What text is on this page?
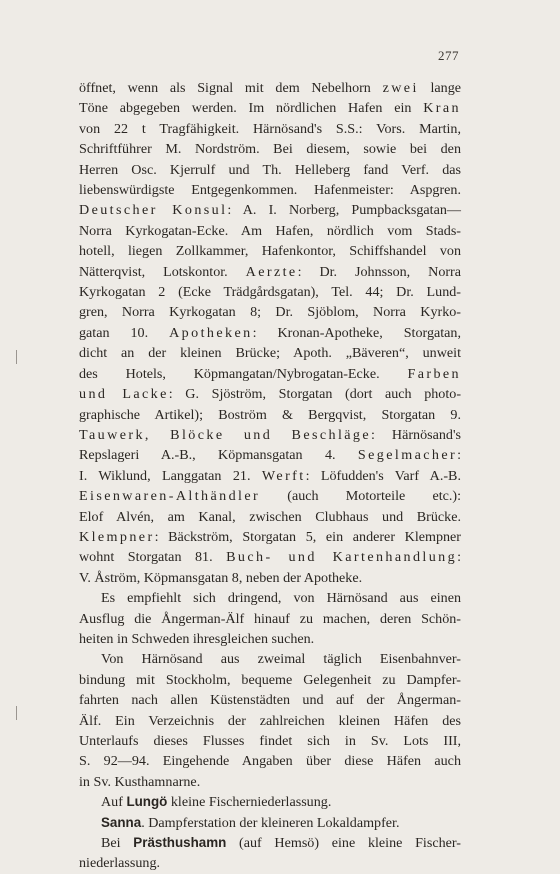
277
öffnet, wenn als Signal mit dem Nebelhorn zwei lange
Töne abgegeben werden. Im nördlichen Hafen ein Kran
von 22 t Tragfähigkeit. Härnösand's S.S.: Vors. Martin,
Schriftführer M. Nordström. Bei diesem, sowie bei den
Herren Osc. Kjerrulf und Th. Helleberg fand Verf. das
liebenswürdigste Entgegenkommen. Hafenmeister: Aspgren.
Deutscher Konsul: A. I. Norberg, Pumpbacksgatan—
Norra Kyrkogatan-Ecke. Am Hafen, nördlich vom Stads-
hotell, liegen Zollkammer, Hafenkontor, Schiffshandel von
Nätterqvist, Lotskontor. Aerzte: Dr. Johnsson, Norra
Kyrkogatan 2 (Ecke Trädgårdsgatan), Tel. 44; Dr. Lund-
gren, Norra Kyrkogatan 8; Dr. Sjöblom, Norra Kyrko-
gatan 10. Apotheken: Kronan-Apotheke, Storgatan,
dicht an der kleinen Brücke; Apoth. „Bäveren“, unweit
des Hotels, Köpmangatan/Nybrogatan-Ecke. Farben
und Lacke: G. Sjöström, Storgatan (dort auch photo-
graphische Artikel); Boström & Bergqvist, Storgatan 9.
Tauwerk, Blöcke und Beschläge: Härnösand's
Repslageri A.-B., Köpmansgatan 4. Segelmacher:
I. Wiklund, Langgatan 21. Werft: Löfudden's Varf A.-B.
Eisenwaren-Althändler (auch Motorteile etc.):
Elof Alvén, am Kanal, zwischen Clubhaus und Brücke.
Klempner: Bäckström, Storgatan 5, ein anderer Klempner
wohnt Storgatan 81. Buch- und Kartenhandlung:
V. Åström, Köpmansgatan 8, neben der Apotheke.
Es empfiehlt sich dringend, von Härnösand aus einen
Ausflug die Ångerman-Älf hinauf zu machen, deren Schön-
heiten in Schweden ihresgleichen suchen.
Von Härnösand aus zweimal täglich Eisenbahnver-
bindung mit Stockholm, bequeme Gelegenheit zu Dampfer-
fahrten nach allen Küstenstädten und auf der Ångerman-
Älf. Ein Verzeichnis der zahlreichen kleinen Häfen des
Unterlaufs dieses Flusses findet sich in Sv. Lots III,
S. 92—94. Eingehende Angaben über diese Häfen auch
in Sv. Kusthamnarne.
Auf Lungö kleine Fischerniederlassung.
Sanna. Dampferstation der kleineren Lokaldampfer.
Bei Prästhushamn (auf Hemsö) eine kleine Fischer-
niederlassung.
